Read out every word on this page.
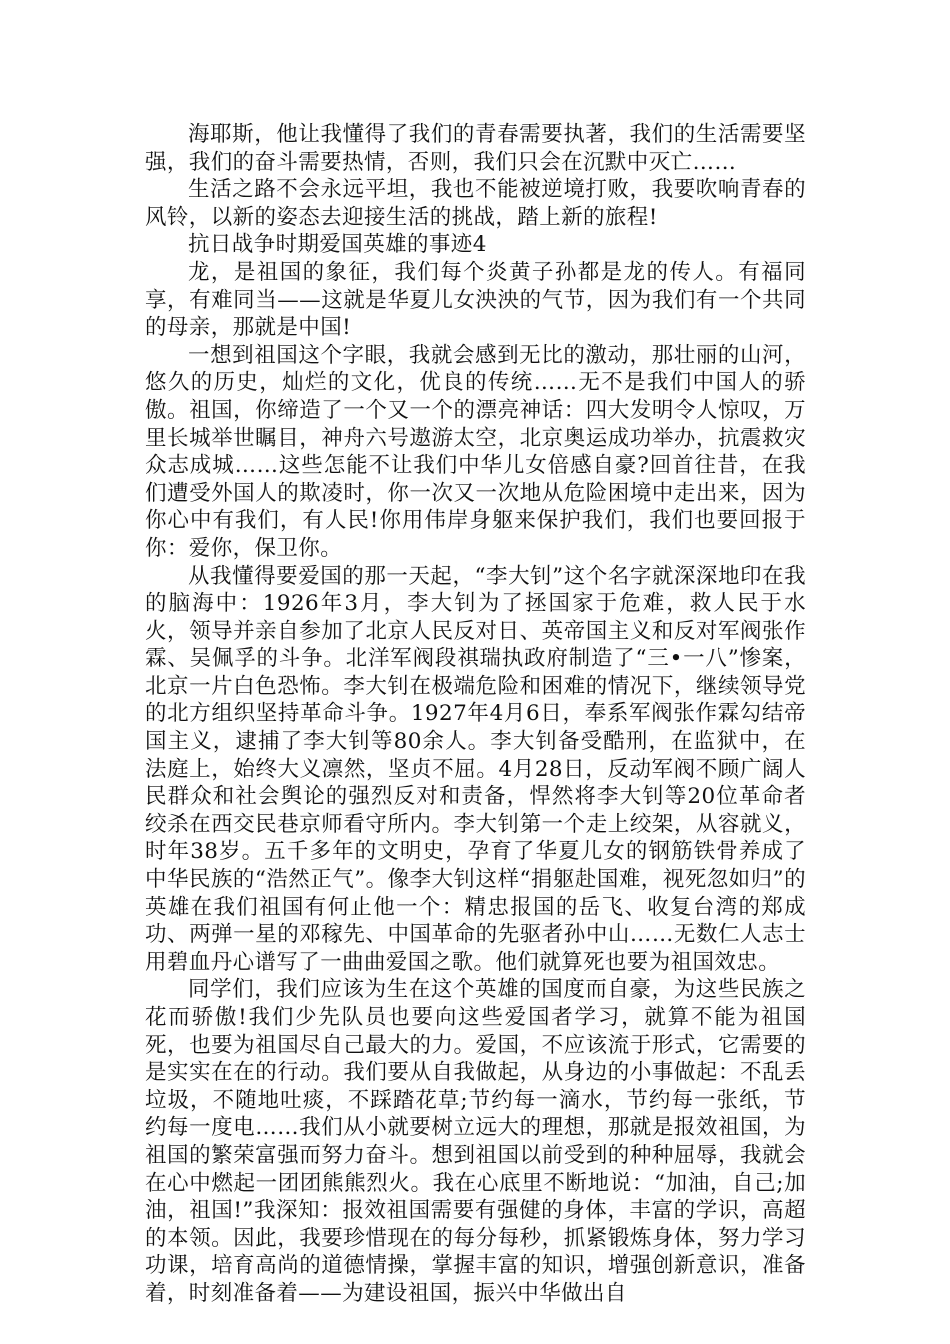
海耶斯，他让我懂得了我们的青春需要执著，我们的生活需要坚强，我们的奋斗需要热情，否则，我们只会在沉默中灭亡……

生活之路不会永远平坦，我也不能被逆境打败，我要吹响青春的风铃，以新的姿态去迎接生活的挑战，踏上新的旅程!

抗日战争时期爱国英雄的事迹4

龙，是祖国的象征，我们每个炎黄子孙都是龙的传人。有福同享，有难同当——这就是华夏儿女泱泱的气节，因为我们有一个共同的母亲，那就是中国!

一想到祖国这个字眼，我就会感到无比的激动，那壮丽的山河，悠久的历史，灿烂的文化，优良的传统……无不是我们中国人的骄傲。祖国，你缔造了一个又一个的漂亮神话：四大发明令人惊叹，万里长城举世瞩目，神舟六号遨游太空，北京奥运成功举办，抗震救灾众志成城……这些怎能不让我们中华儿女倍感自豪?回首往昔，在我们遭受外国人的欺凌时，你一次又一次地从危险困境中走出来，因为你心中有我们，有人民!你用伟岸身躯来保护我们，我们也要回报于你：爱你，保卫你。

从我懂得要爱国的那一天起，“李大钊”这个名字就深深地印在我的脑海中：1926年3月，李大钊为了拯国家于危难，救人民于水火，领导并亲自参加了北京人民反对日、英帝国主义和反对军阀张作霖、吴佩孚的斗争。北洋军阀段祺瑞执政府制造了“三•一八”惨案，北京一片白色恐怖。李大钊在极端危险和困难的情况下，继续领导党的北方组织坚持革命斗争。1927年4月6日，奉系军阀张作霖勾结帝国主义，逮捕了李大钊等80余人。李大钊备受酷刑，在监狱中，在法庭上，始终大义凛然，坚贞不屈。4月28日，反动军阀不顾广阔人民群众和社会舆论的强烈反对和责备，悍然将李大钊等20位革命者绞杀在西交民巷京师看守所内。李大钊第一个走上绞架，从容就义，时年38岁。五千多年的文明史，孕育了华夏儿女的钢筋铁骨养成了中华民族的“浩然正气”。像李大钊这样“捐躯赴国难，视死忽如归”的英雄在我们祖国有何止他一个：精忠报国的岳飞、收复台湾的郑成功、两弹一星的邓稼先、中国革命的先驱者孙中山……无数仁人志士用碧血丹心谱写了一曲曲爱国之歌。他们就算死也要为祖国效忠。

同学们，我们应该为生在这个英雄的国度而自豪，为这些民族之花而骄傲!我们少先队员也要向这些爱国者学习，就算不能为祖国死，也要为祖国尽自己最大的力。爱国，不应该流于形式，它需要的是实实在在的行动。我们要从自我做起，从身边的小事做起：不乱丢垃圾，不随地吐痰，不踩踏花草;节约每一滴水，节约每一张纸，节约每一度电……我们从小就要树立远大的理想，那就是报效祖国，为祖国的繁荣富强而努力奋斗。想到祖国以前受到的种种屈辱，我就会在心中燃起一团团熊熊烈火。我在心底里不断地说：“加油，自己;加油，祖国!”我深知：报效祖国需要有强健的身体，丰富的学识，高超的本领。因此，我要珍惜现在的每分每秒，抓紧锻炼身体，努力学习功课，培育高尚的道德情操，掌握丰富的知识，增强创新意识，准备着，时刻准备着——为建设祖国，振兴中华做出自
